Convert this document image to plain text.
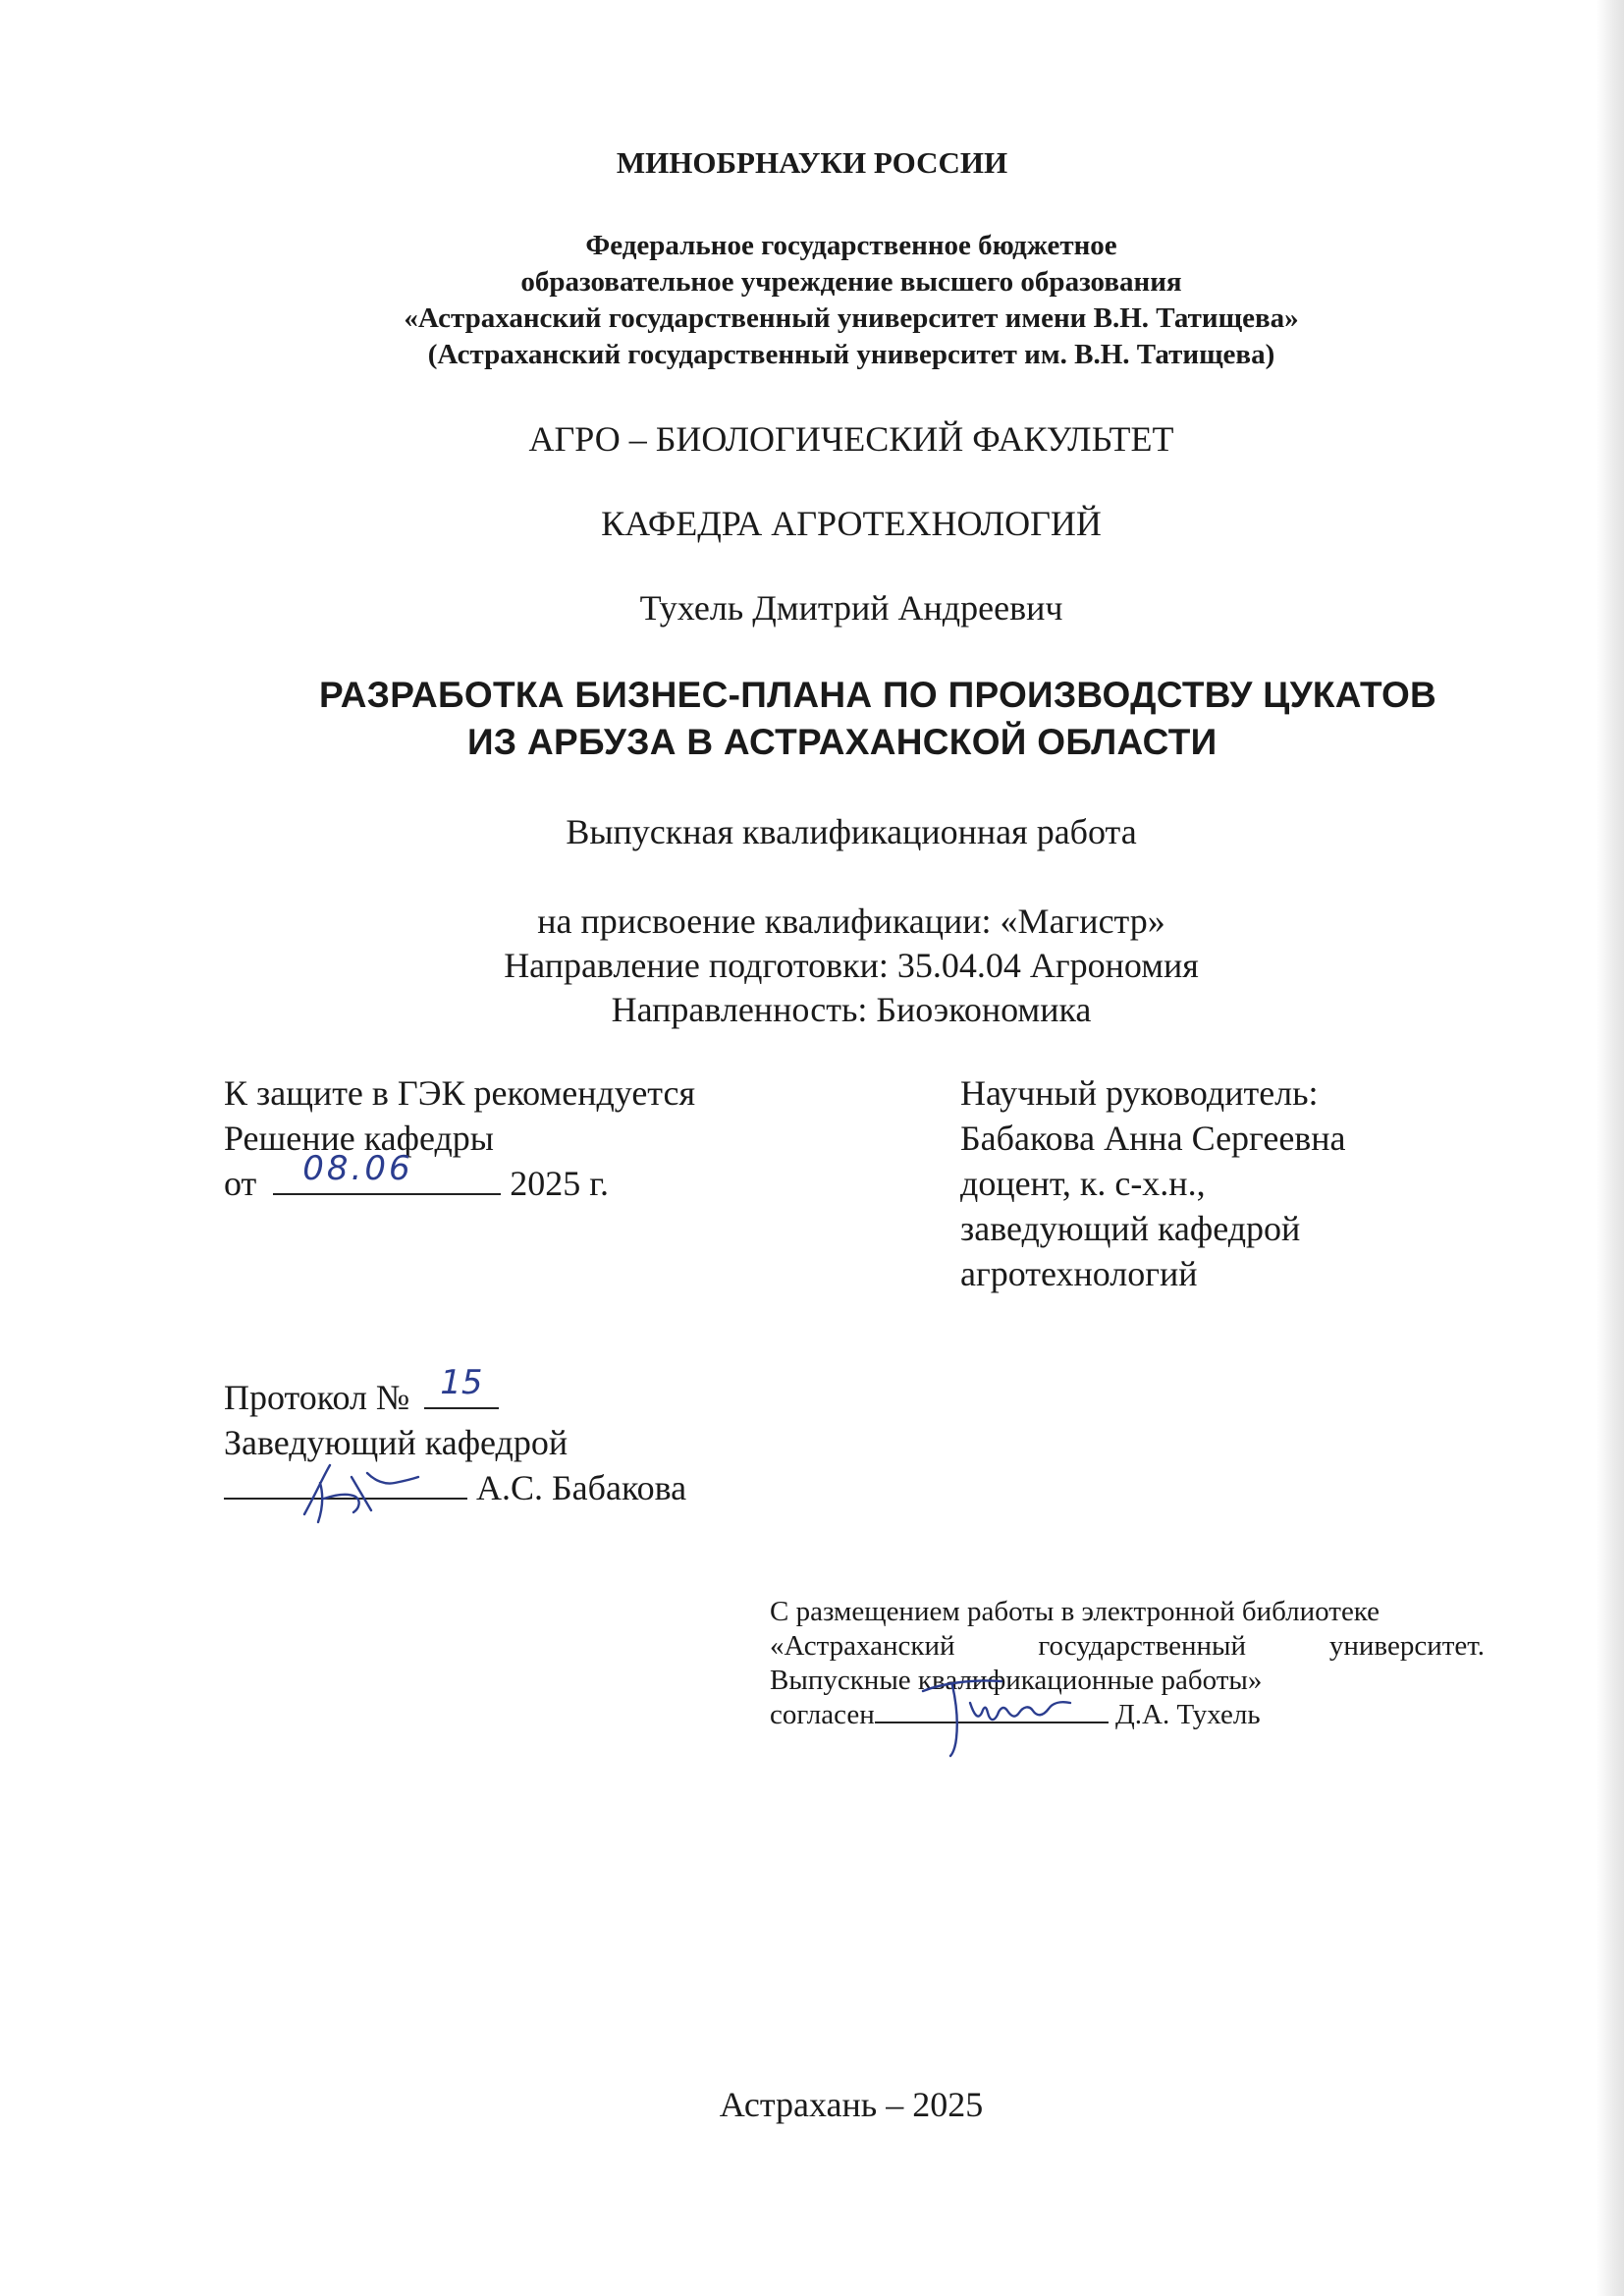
МИНОБРНАУКИ РОССИИ
Федеральное государственное бюджетное
образовательное учреждение высшего образования
«Астраханский государственный университет имени В.Н. Татищева»
(Астраханский государственный университет им. В.Н. Татищева)
АГРО – БИОЛОГИЧЕСКИЙ ФАКУЛЬТЕТ
КАФЕДРА АГРОТЕХНОЛОГИЙ
Тухель Дмитрий Андреевич
РАЗРАБОТКА БИЗНЕС-ПЛАНА ПО ПРОИЗВОДСТВУ ЦУКАТОВ
ИЗ АРБУЗА В АСТРАХАНСКОЙ ОБЛАСТИ
Выпускная квалификационная работа
на присвоение квалификации: «Магистр»
Направление подготовки: 35.04.04 Агрономия
Направленность: Биоэкономика
К защите в ГЭК рекомендуется
Решение кафедры
от 08.06	2025 г.
Научный руководитель:
Бабакова Анна Сергеевна
доцент, к. с-х.н.,
заведующий кафедрой
агротехнологий
Протокол № 15
Заведующий кафедрой
А.С. Бабакова
С размещением работы в электронной библиотеке
«Астраханский государственный университет.
Выпускные квалификационные работы»
согласен	Д.А. Тухель
Астрахань – 2025
